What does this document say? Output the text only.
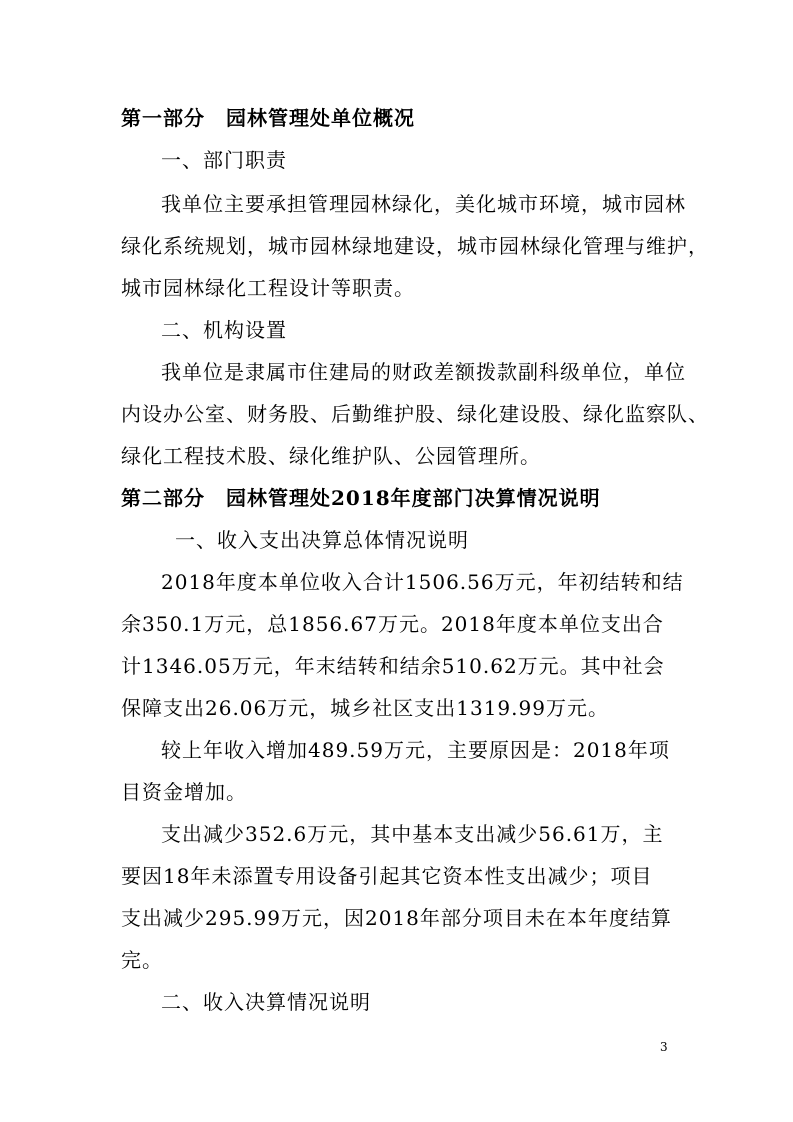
第一部分　园林管理处单位概况
一、部门职责
我单位主要承担管理园林绿化，美化城市环境，城市园林
绿化系统规划，城市园林绿地建设，城市园林绿化管理与维护，
城市园林绿化工程设计等职责。
二、机构设置
我单位是隶属市住建局的财政差额拨款副科级单位，单位
内设办公室、财务股、后勤维护股、绿化建设股、绿化监察队、
绿化工程技术股、绿化维护队、公园管理所。
第二部分　园林管理处2018年度部门决算情况说明
一、收入支出决算总体情况说明
2018年度本单位收入合计1506.56万元，年初结转和结
余350.1万元，总1856.67万元。2018年度本单位支出合
计1346.05万元，年末结转和结余510.62万元。其中社会
保障支出26.06万元，城乡社区支出1319.99万元。
较上年收入增加489.59万元，主要原因是：2018年项
目资金增加。
支出减少352.6万元，其中基本支出减少56.61万，主
要因18年未添置专用设备引起其它资本性支出减少；项目
支出减少295.99万元，因2018年部分项目未在本年度结算
完。
二、收入决算情况说明
3
